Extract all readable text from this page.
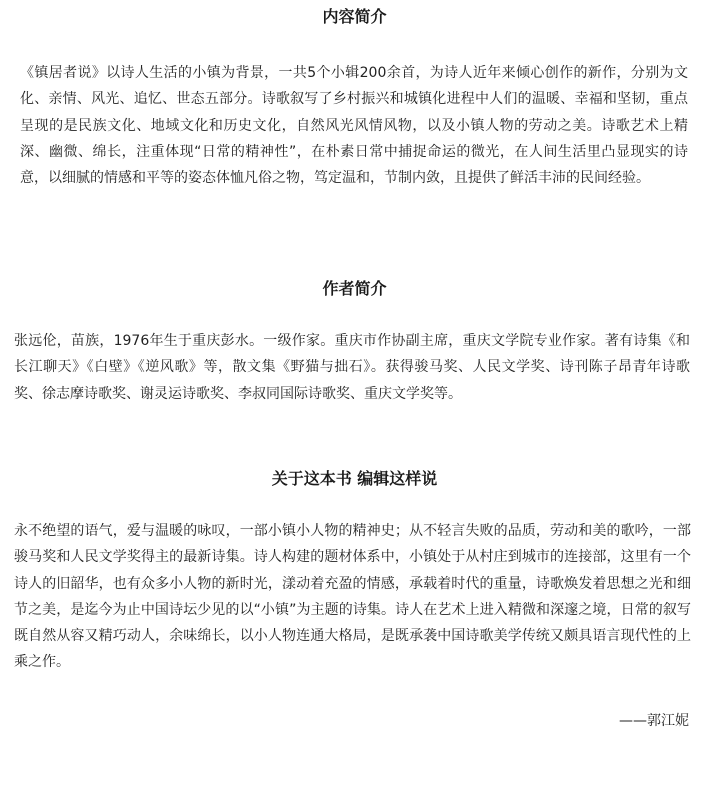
内容简介

《镇居者说》以诗人生活的小镇为背景，一共5个小辑200余首，为诗人近年来倾心创作的新作，分别为文化、亲情、风光、追忆、世态五部分。诗歌叙写了乡村振兴和城镇化进程中人们的温暖、幸福和坚韧，重点呈现的是民族文化、地域文化和历史文化，自然风光风情风物，以及小镇人物的劳动之美。诗歌艺术上精深、幽微、绵长，注重体现“日常的精神性”，在朴素日常中捕捉命运的微光，在人间生活里凸显现实的诗意，以细腻的情感和平等的姿态体恤凡俗之物，笃定温和，节制内敛，且提供了鲜活丰沛的民间经验。

作者简介

张远伦，苗族，1976年生于重庆彭水。一级作家。重庆市作协副主席，重庆文学院专业作家。著有诗集《和长江聊天》《白壁》《逆风歌》等，散文集《野猫与拙石》。获得骏马奖、人民文学奖、诗刊陈子昂青年诗歌奖、徐志摩诗歌奖、谢灵运诗歌奖、李叔同国际诗歌奖、重庆文学奖等。

关于这本书 编辑这样说

永不绝望的语气，爱与温暖的咏叹，一部小镇小人物的精神史；从不轻言失败的品质，劳动和美的歌吟，一部骏马奖和人民文学奖得主的最新诗集。诗人构建的题材体系中，小镇处于从村庄到城市的连接部，这里有一个诗人的旧韶华，也有众多小人物的新时光，漾动着充盈的情感，承载着时代的重量，诗歌焕发着思想之光和细节之美，是迄今为止中国诗坛少见的以“小镇”为主题的诗集。诗人在艺术上进入精微和深邃之境，日常的叙写既自然从容又精巧动人，余味绵长，以小人物连通大格局，是既承袭中国诗歌美学传统又颇具语言现代性的上乘之作。

——郭江妮
